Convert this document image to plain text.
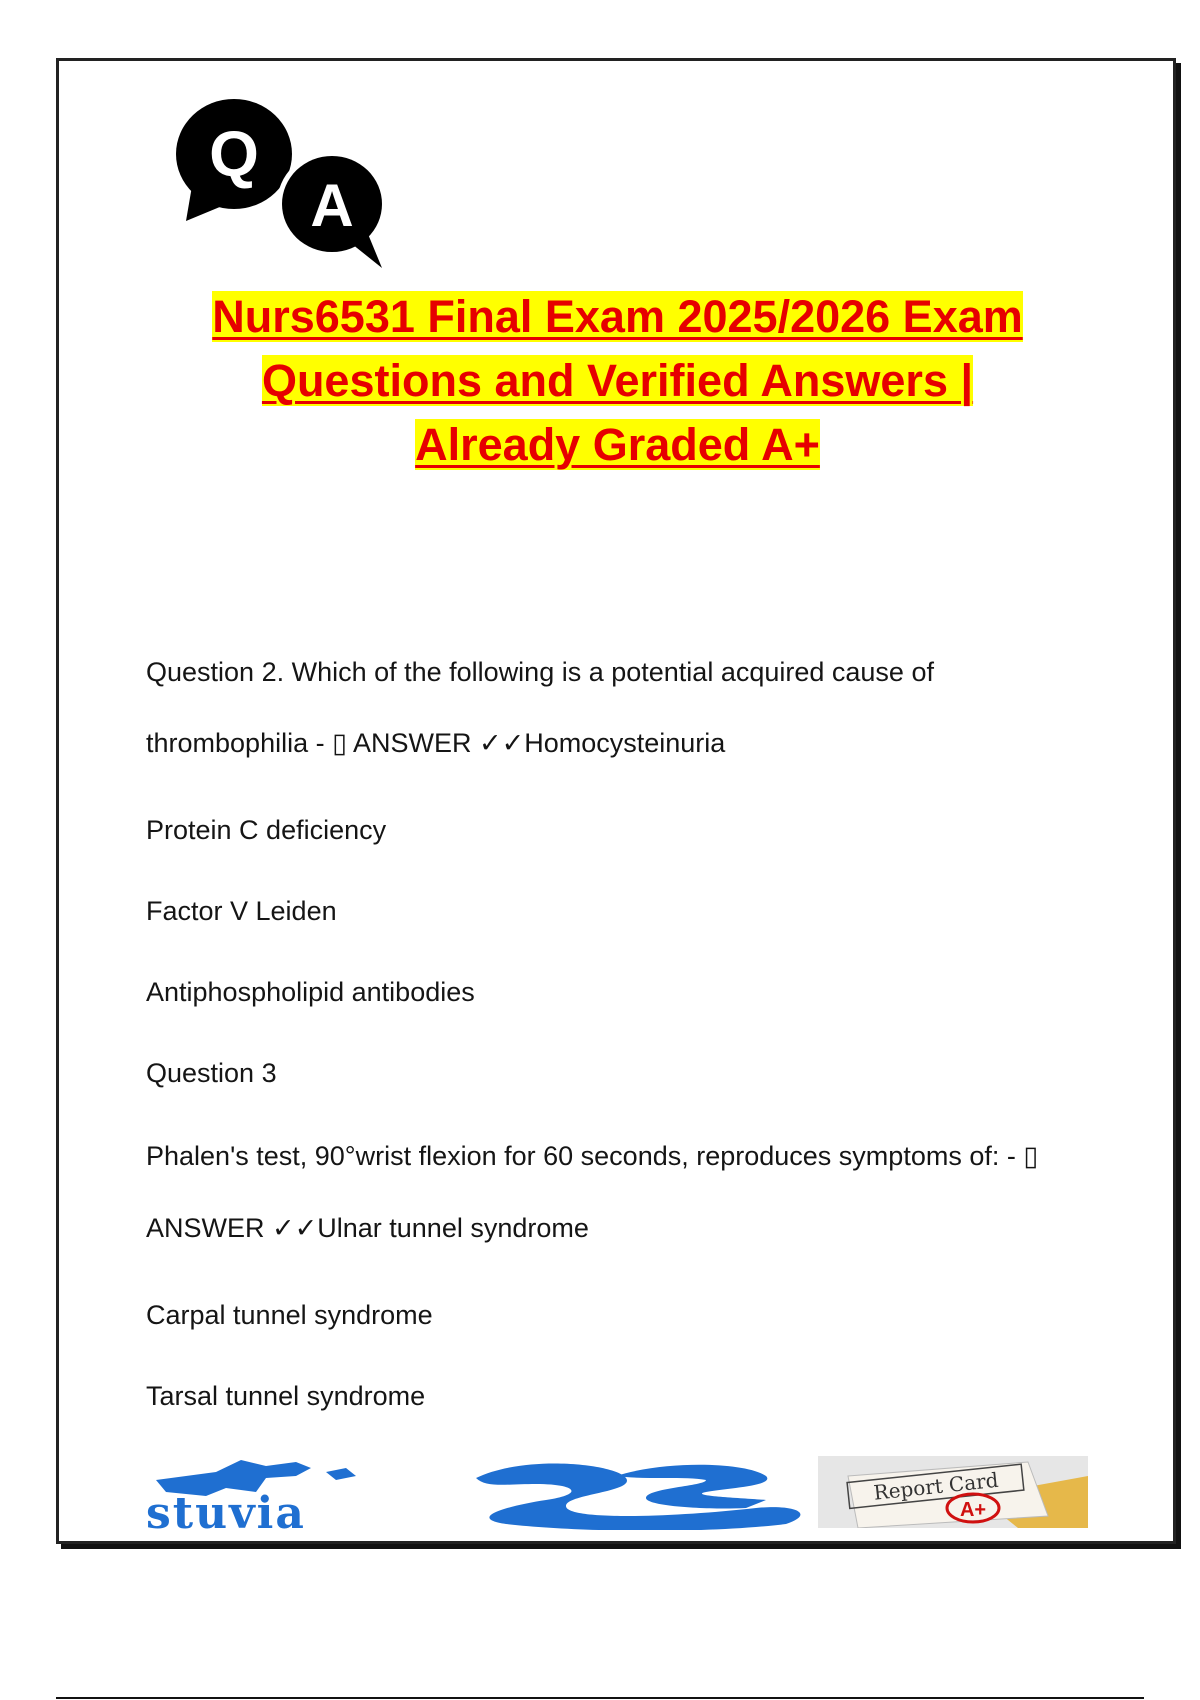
Q
A
Nurs6531 Final Exam 2025/2026 Exam
Questions and Verified Answers |
Already Graded A+
Question 2. Which of the following is a potential acquired cause of
thrombophilia - ▯ ANSWER ✓✓Homocysteinuria
Protein C deficiency
Factor V Leiden
Antiphospholipid antibodies
Question 3
Phalen's test, 90°wrist flexion for 60 seconds, reproduces symptoms of: - ▯
ANSWER ✓✓Ulnar tunnel syndrome
Carpal tunnel syndrome
Tarsal tunnel syndrome
stuvia
Report Card
A+
